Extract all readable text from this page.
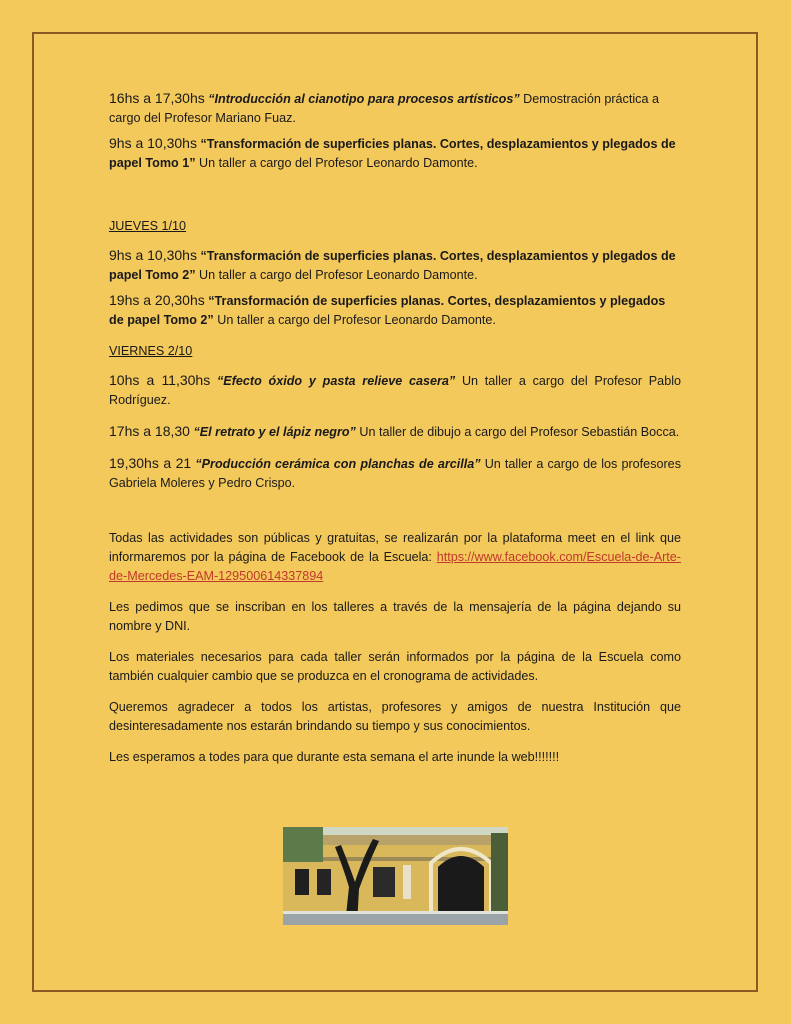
16hs a 17,30hs “Introducción al cianotipo para procesos artísticos” Demostración práctica a cargo del Profesor Mariano Fuaz.

9hs a 10,30hs “Transformación de superficies planas. Cortes, desplazamientos y plegados de papel Tomo 1” Un taller a cargo del Profesor Leonardo Damonte.

JUEVES 1/10

9hs a 10,30hs “Transformación de superficies planas. Cortes, desplazamientos y plegados de papel Tomo 2” Un taller a cargo del Profesor Leonardo Damonte.

19hs a 20,30hs “Transformación de superficies planas. Cortes, desplazamientos y plegados de papel Tomo 2” Un taller a cargo del Profesor Leonardo Damonte.

VIERNES 2/10

10hs a 11,30hs “Efecto óxido y pasta relieve casera” Un taller a cargo del Profesor Pablo Rodríguez.

17hs a 18,30 “El retrato y el lápiz negro” Un taller de dibujo a cargo del Profesor Sebastián Bocca.

19,30hs a 21 “Producción cerámica con planchas de arcilla” Un taller a cargo de los profesores Gabriela Moleres y Pedro Crispo.

Todas las actividades son públicas y gratuitas, se realizarán por la plataforma meet en el link que informaremos por la página de Facebook de la Escuela: https://www.facebook.com/Escuela-de-Arte-de-Mercedes-EAM-129500614337894

Les pedimos que se inscriban en los talleres a través de la mensajería de la página dejando su nombre y DNI.

Los materiales necesarios para cada taller serán informados por la página de la Escuela como también cualquier cambio que se produzca en el cronograma de actividades.

Queremos agradecer a todos los artistas, profesores y amigos de nuestra Institución que desinteresadamente nos estarán brindando su tiempo y sus conocimientos.

Les esperamos a todes para que durante esta semana el arte inunde la web!!!!!!!
